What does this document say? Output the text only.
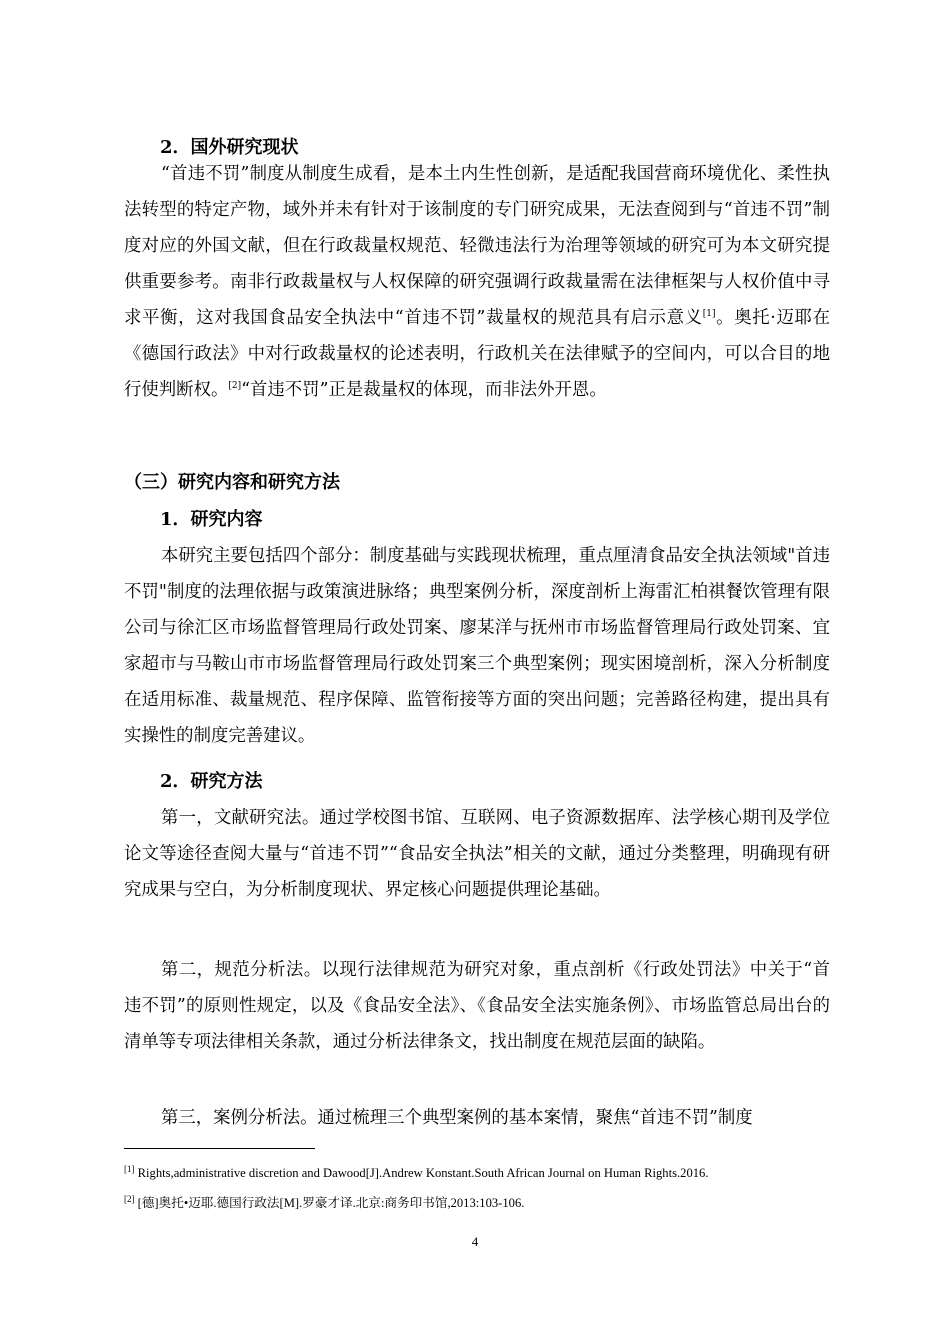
2．国外研究现状

“首违不罚”制度从制度生成看，是本土内生性创新，是适配我国营商环境优化、柔性执法转型的特定产物，域外并未有针对于该制度的专门研究成果，无法查阅到与“首违不罚”制度对应的外国文献，但在行政裁量权规范、轻微违法行为治理等领域的研究可为本文研究提供重要参考。南非行政裁量权与人权保障的研究强调行政裁量需在法律框架与人权价值中寻求平衡，这对我国食品安全执法中“首违不罚”裁量权的规范具有启示意义[1]。奥托·迈耶在《德国行政法》中对行政裁量权的论述表明，行政机关在法律赋予的空间内，可以合目的地行使判断权。[2]“首违不罚”正是裁量权的体现，而非法外开恩。

（三）研究内容和研究方法
1．研究内容

本研究主要包括四个部分：制度基础与实践现状梳理，重点厘清食品安全执法领域"首违不罚"制度的法理依据与政策演进脉络；典型案例分析，深度剖析上海雷汇柏祺餐饮管理有限公司与徐汇区市场监督管理局行政处罚案、廖某洋与抚州市市场监督管理局行政处罚案、宜家超市与马鞍山市市场监督管理局行政处罚案三个典型案例；现实困境剖析，深入分析制度在适用标准、裁量规范、程序保障、监管衔接等方面的突出问题；完善路径构建，提出具有实操性的制度完善建议。

2．研究方法

第一，文献研究法。通过学校图书馆、互联网、电子资源数据库、法学核心期刊及学位论文等途径查阅大量与“首违不罚”“食品安全执法”相关的文献，通过分类整理，明确现有研究成果与空白，为分析制度现状、界定核心问题提供理论基础。

第二，规范分析法。以现行法律规范为研究对象，重点剖析《行政处罚法》中关于“首违不罚”的原则性规定，以及《食品安全法》、《食品安全法实施条例》、市场监管总局出台的清单等专项法律相关条款，通过分析法律条文，找出制度在规范层面的缺陷。

第三，案例分析法。通过梳理三个典型案例的基本案情，聚焦“首违不罚”制度

[1] Rights,administrative discretion and Dawood[J].Andrew Konstant.South African Journal on Human Rights.2016.
[2] [德]奥托•迈耶.德国行政法[M].罗豪才译.北京:商务印书馆,2013:103-106.
4
